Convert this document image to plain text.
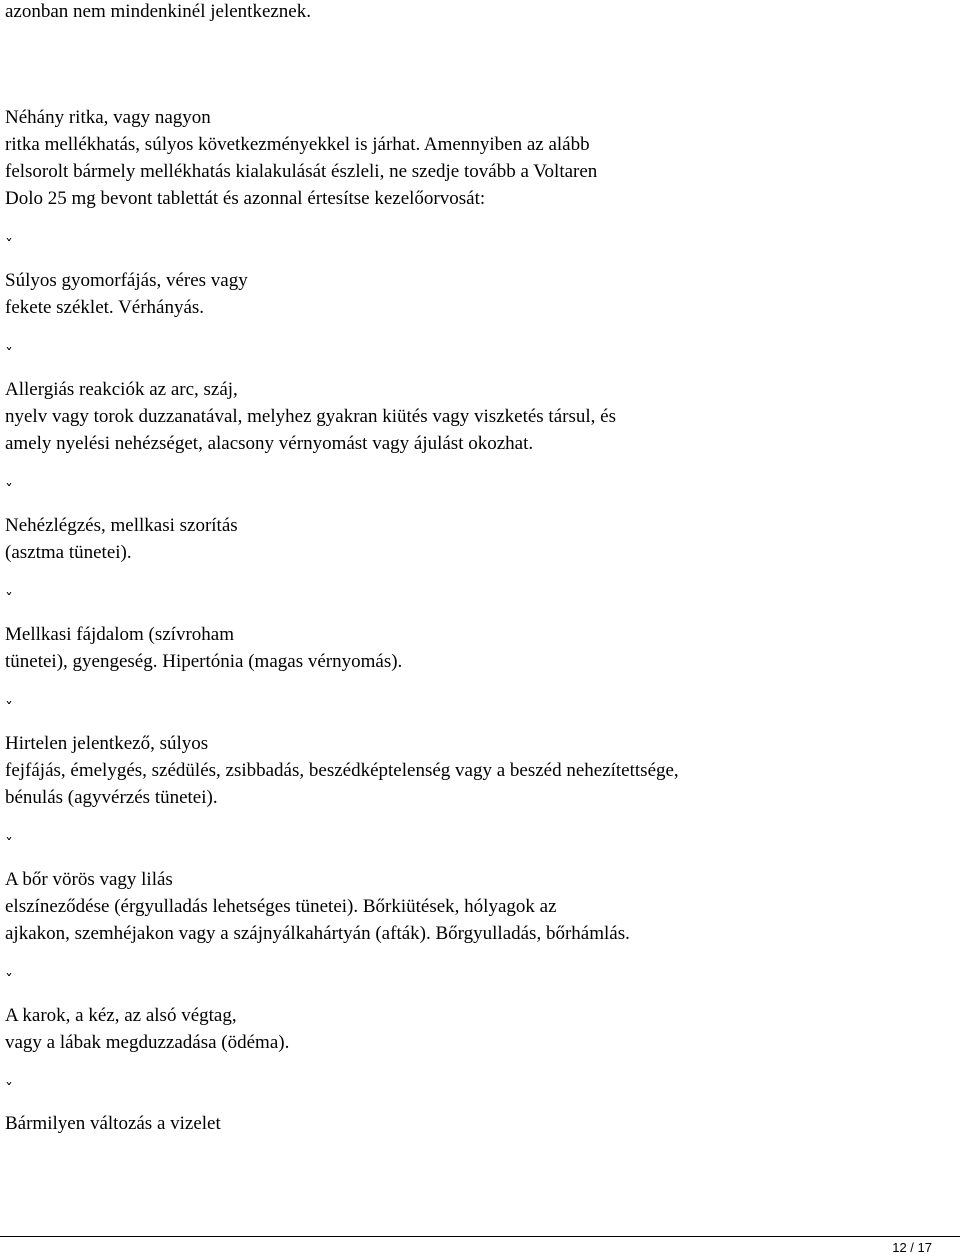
azonban nem mindenkinél jelentkeznek.

Néhány ritka, vagy nagyon

ritka mellékhatás, súlyos következményekkel is járhat. Amennyiben az alább

felsorolt bármely mellékhatás kialakulását észleli, ne szedje tovább a Voltaren

Dolo 25 mg bevont tablettát és azonnal értesítse kezelőorvosát:

ˇ

Súlyos gyomorfájás, véres vagy

fekete széklet. Vérhányás.

ˇ

Allergiás reakciók az arc, száj,

nyelv vagy torok duzzanatával, melyhez gyakran kiütés vagy viszketés társul, és

amely nyelési nehézséget, alacsony vérnyomást vagy ájulást okozhat.

ˇ

Nehézlégzés, mellkasi szorítás

(asztma tünetei).

ˇ

Mellkasi fájdalom (szívroham

tünetei), gyengeség. Hipertónia (magas vérnyomás).

ˇ

Hirtelen jelentkező, súlyos

fejfájás, émelygés, szédülés, zsibbadás, beszédképtelenség vagy a beszéd nehezítettsége,

bénulás (agyvérzés tünetei).

ˇ

A bőr vörös vagy lilás

elszíneződése (érgyulladás lehetséges tünetei). Bőrkiütések, hólyagok az

ajkakon, szemhéjakon vagy a szájnyálkahártyán (afták). Bőrgyulladás, bőrhámlás.

ˇ

A karok, a kéz, az alsó végtag,

vagy a lábak megduzzadása (ödéma).

ˇ

Bármilyen változás a vizelet

12 / 17
